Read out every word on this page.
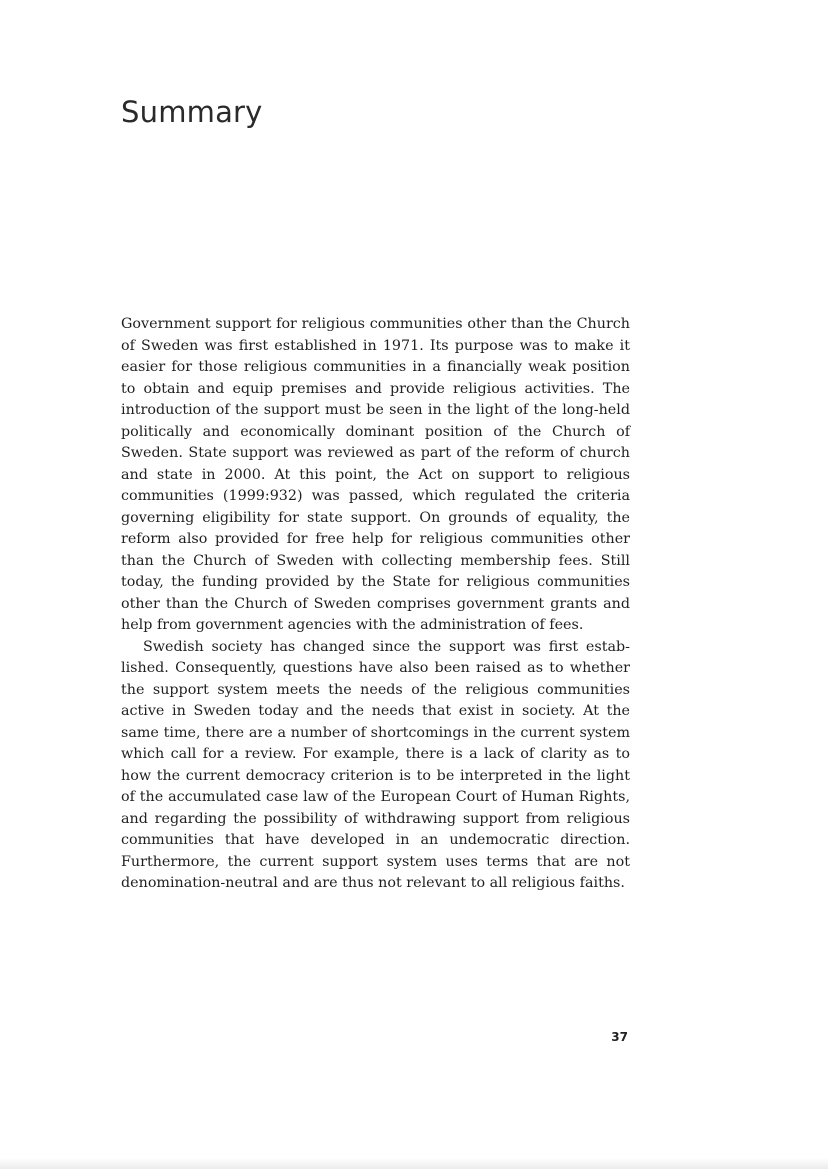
Summary

Government support for religious communities other than the Church of Sweden was first established in 1971. Its purpose was to make it easier for those religious communities in a financially weak position to obtain and equip premises and provide religious activities. The introduction of the support must be seen in the light of the long-held politically and economically dominant position of the Church of Sweden. State support was reviewed as part of the reform of church and state in 2000. At this point, the Act on support to religious communities (1999:932) was passed, which regulated the criteria governing eligibility for state support. On grounds of equality, the reform also provided for free help for religious communities other than the Church of Sweden with collecting membership fees. Still today, the funding provided by the State for religious communities other than the Church of Sweden comprises government grants and help from government agencies with the administration of fees.

Swedish society has changed since the support was first established. Consequently, questions have also been raised as to whether the support system meets the needs of the religious communities active in Sweden today and the needs that exist in society. At the same time, there are a number of shortcomings in the current system which call for a review. For example, there is a lack of clarity as to how the current democracy criterion is to be interpreted in the light of the accumulated case law of the European Court of Human Rights, and regarding the possibility of withdrawing support from religious communities that have developed in an undemocratic direction. Furthermore, the current support system uses terms that are not denomination-neutral and are thus not relevant to all religious faiths.

37
